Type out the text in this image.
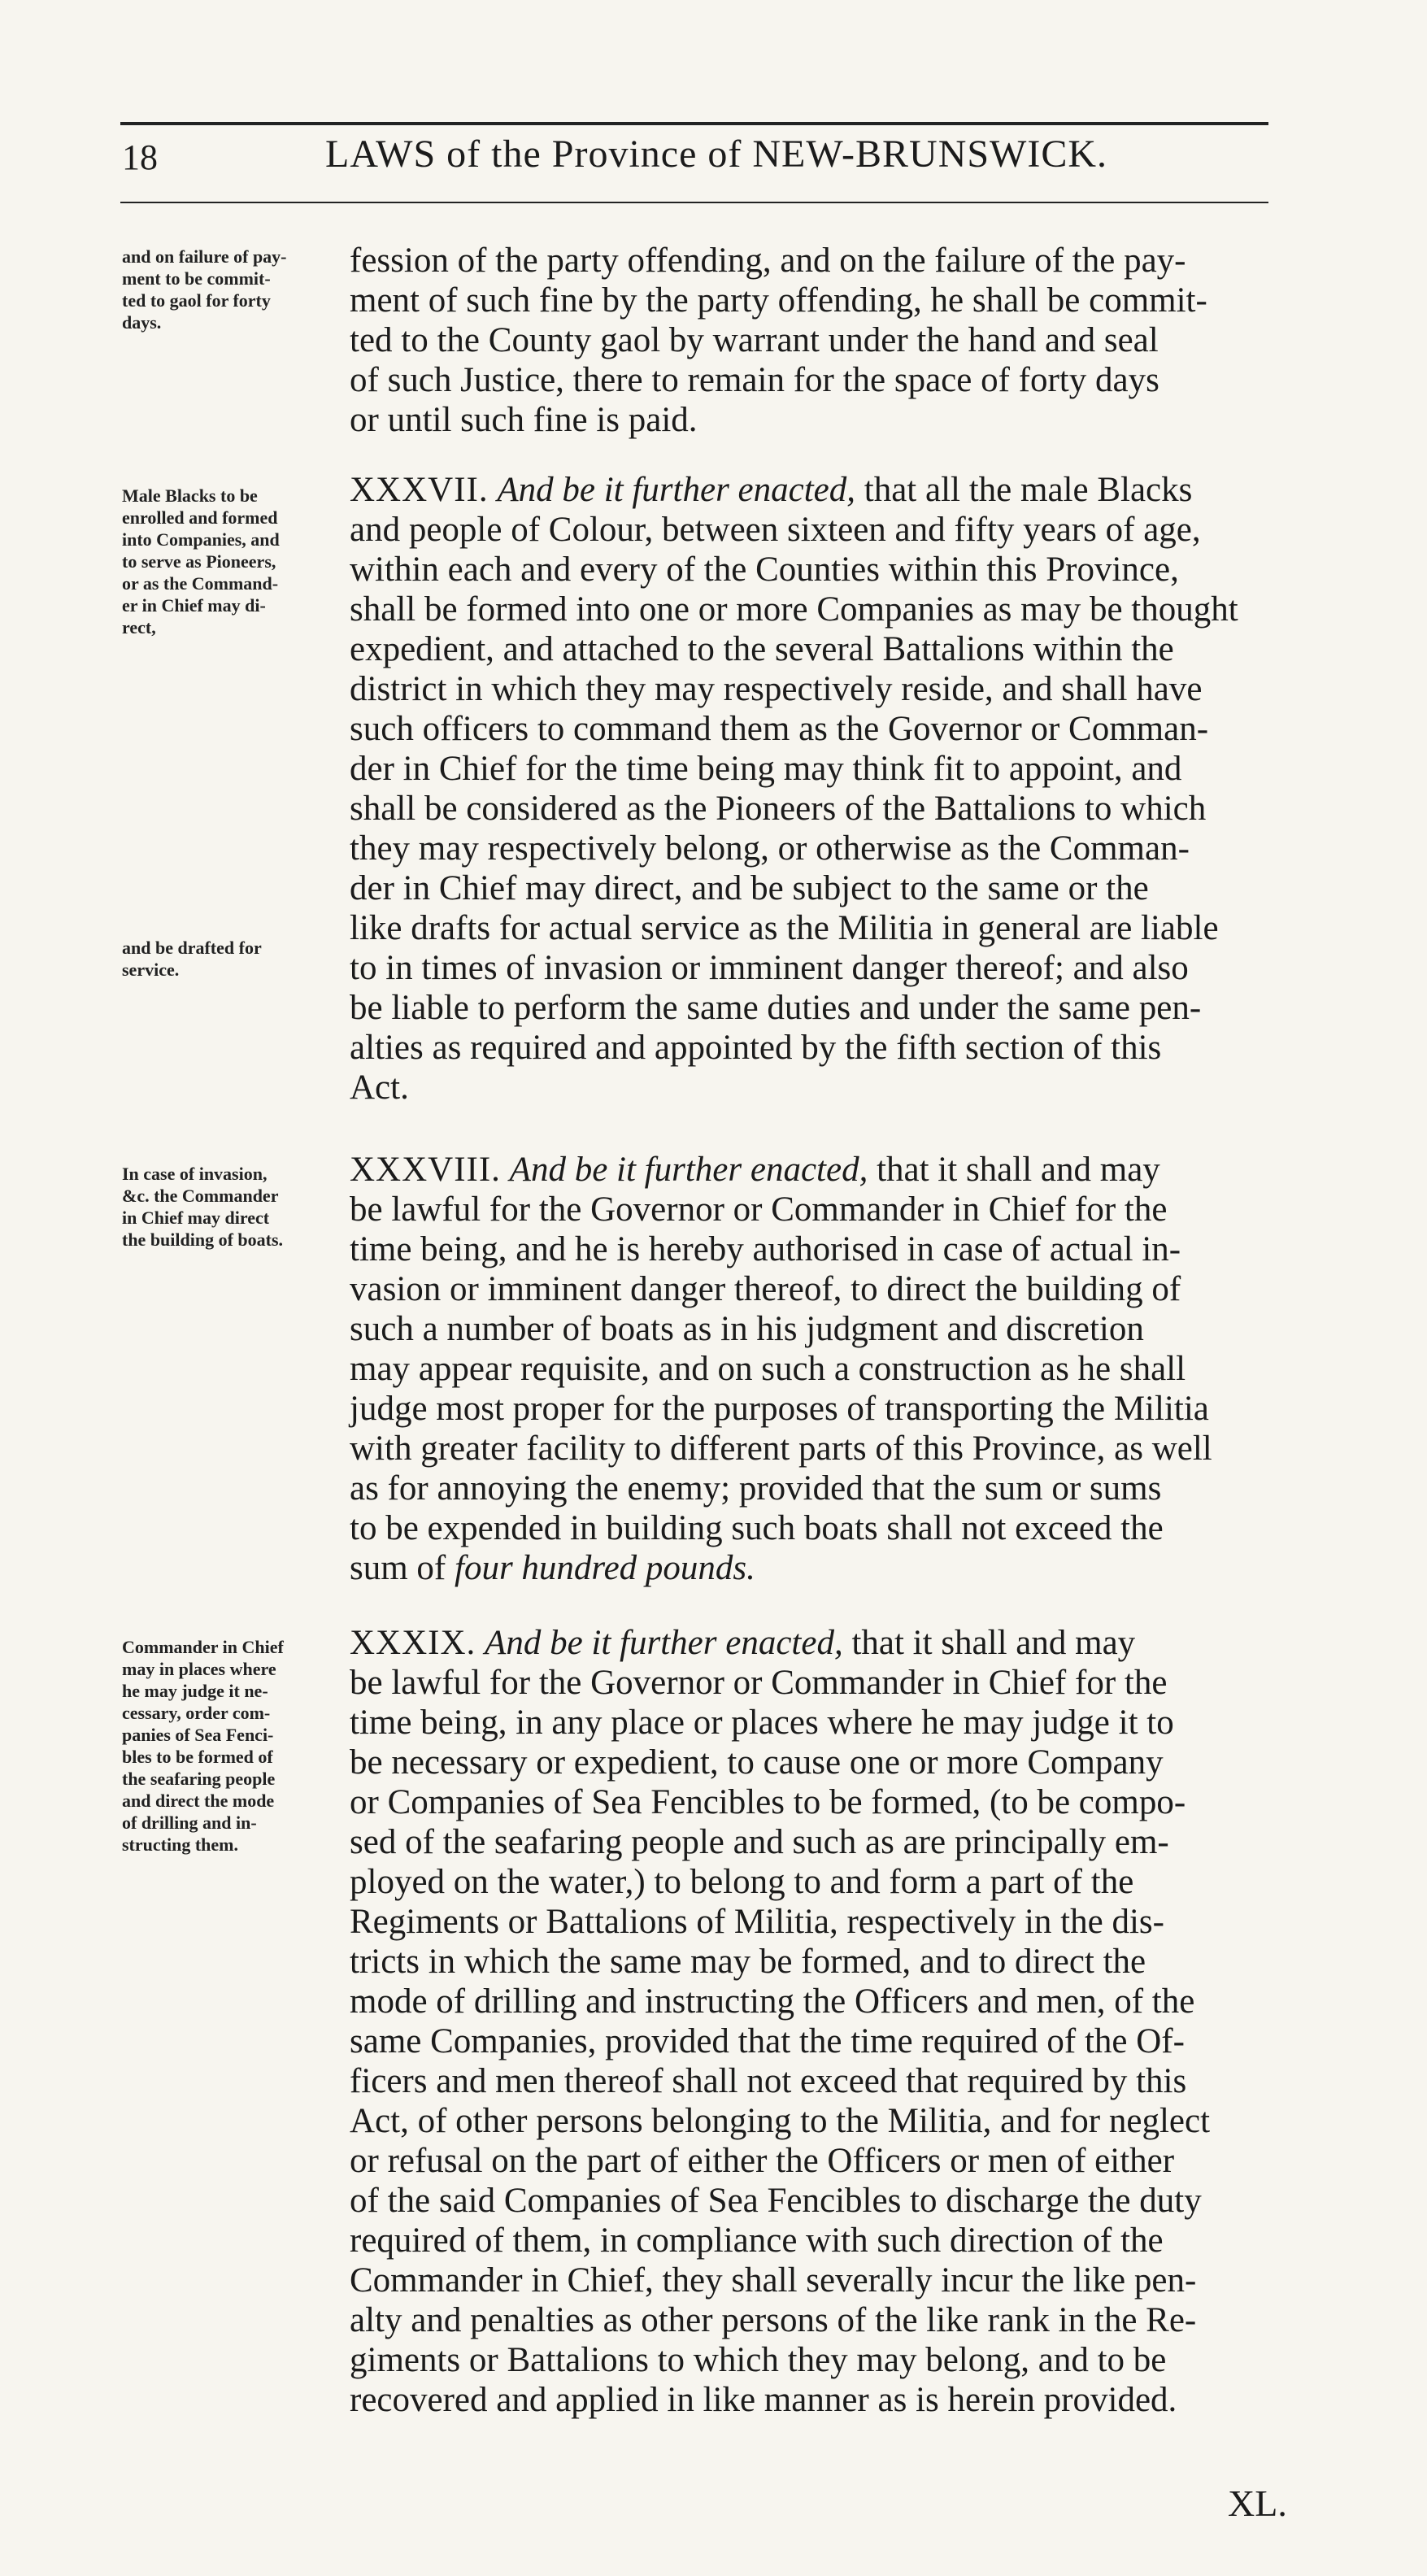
18	LAWS of the Province of NEW-BRUNSWICK.
and on failure of pay-
ment to be commit-
ted to gaol for forty
days.
fession of the party offending, and on the failure of the pay-
ment of such fine by the party offending, he shall be commit-
ted to the County gaol by warrant under the hand and seal
of such Justice, there to remain for the space of forty days
or until such fine is paid.
Male Blacks to be
enrolled and formed
into Companies, and
to serve as Pioneers,
or as the Command-
er in Chief may di-
rect,
and be drafted for
service.
XXXVII. And be it further enacted, that all the male Blacks
and people of Colour, between sixteen and fifty years of age,
within each and every of the Counties within this Province,
shall be formed into one or more Companies as may be thought
expedient, and attached to the several Battalions within the
district in which they may respectively reside, and shall have
such officers to command them as the Governor or Comman-
der in Chief for the time being may think fit to appoint, and
shall be considered as the Pioneers of the Battalions to which
they may respectively belong, or otherwise as the Comman-
der in Chief may direct, and be subject to the same or the
like drafts for actual service as the Militia in general are liable
to in times of invasion or imminent danger thereof; and also
be liable to perform the same duties and under the same pen-
alties as required and appointed by the fifth section of this
Act.
In case of invasion,
&c. the Commander
in Chief may direct
the building of boats.
XXXVIII. And be it further enacted, that it shall and may
be lawful for the Governor or Commander in Chief for the
time being, and he is hereby authorised in case of actual in-
vasion or imminent danger thereof, to direct the building of
such a number of boats as in his judgment and discretion
may appear requisite, and on such a construction as he shall
judge most proper for the purposes of transporting the Militia
with greater facility to different parts of this Province, as well
as for annoying the enemy; provided that the sum or sums
to be expended in building such boats shall not exceed the
sum of four hundred pounds.
Commander in Chief
may in places where
he may judge it ne-
cessary, order com-
panies of Sea Fenci-
bles to be formed of
the seafaring people
and direct the mode
of drilling and in-
structing them.
XXXIX. And be it further enacted, that it shall and may
be lawful for the Governor or Commander in Chief for the
time being, in any place or places where he may judge it to
be necessary or expedient, to cause one or more Company
or Companies of Sea Fencibles to be formed, (to be compo-
sed of the seafaring people and such as are principally em-
ployed on the water,) to belong to and form a part of the
Regiments or Battalions of Militia, respectively in the dis-
tricts in which the same may be formed, and to direct the
mode of drilling and instructing the Officers and men, of the
same Companies, provided that the time required of the Of-
ficers and men thereof shall not exceed that required by this
Act, of other persons belonging to the Militia, and for neglect
or refusal on the part of either the Officers or men of either
of the said Companies of Sea Fencibles to discharge the duty
required of them, in compliance with such direction of the
Commander in Chief, they shall severally incur the like pen-
alty and penalties as other persons of the like rank in the Re-
giments or Battalions to which they may belong, and to be
recovered and applied in like manner as is herein provided.
XL.
